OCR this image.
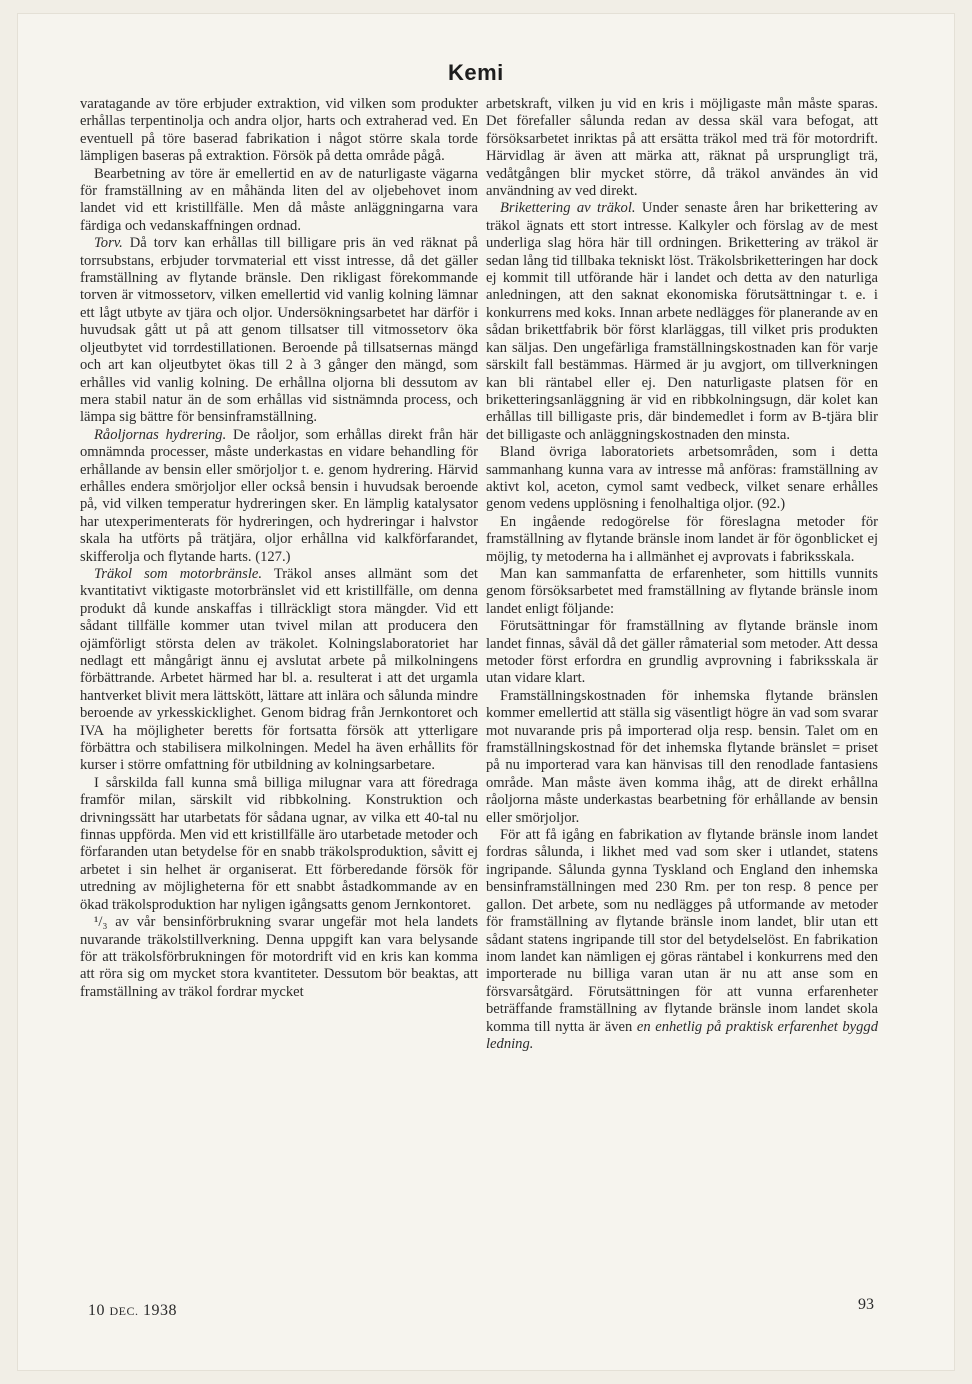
Kemi

varatagande av töre erbjuder extraktion, vid vilken som produkter erhållas terpentinolja och andra oljor, harts och extraherad ved. En eventuell på töre baserad fabrikation i något större skala torde lämpligen baseras på extraktion. Försök på detta område pågå.

Bearbetning av töre är emellertid en av de naturligaste vägarna för framställning av en måhända liten del av oljebehovet inom landet vid ett kristillfälle. Men då måste anläggningarna vara färdiga och vedanskaffningen ordnad.

Torv. Då torv kan erhållas till billigare pris än ved räknat på torrsubstans, erbjuder torvmaterial ett visst intresse, då det gäller framställning av flytande bränsle. Den rikligast förekommande torven är vitmossetorv, vilken emellertid vid vanlig kolning lämnar ett lågt utbyte av tjära och oljor. Undersökningsarbetet har därför i huvudsak gått ut på att genom tillsatser till vitmossetorv öka oljeutbytet vid torrdestillationen. Beroende på tillsatsernas mängd och art kan oljeutbytet ökas till 2 à 3 gånger den mängd, som erhålles vid vanlig kolning. De erhållna oljorna bli dessutom av mera stabil natur än de som erhållas vid sistnämnda process, och lämpa sig bättre för bensinframställning.

Råoljornas hydrering. De råoljor, som erhållas direkt från här omnämnda processer, måste underkastas en vidare behandling för erhållande av bensin eller smörjoljor t. e. genom hydrering. Härvid erhålles endera smörjoljor eller också bensin i huvudsak beroende på, vid vilken temperatur hydreringen sker. En lämplig katalysator har utexperimenterats för hydreringen, och hydreringar i halvstor skala ha utförts på trätjära, oljor erhållna vid kalkförfarandet, skifferolja och flytande harts. (127.)

Träkol som motorbränsle. Träkol anses allmänt som det kvantitativt viktigaste motorbränslet vid ett kristillfälle, om denna produkt då kunde anskaffas i tillräckligt stora mängder. Vid ett sådant tillfälle kommer utan tvivel milan att producera den ojämförligt största delen av träkolet. Kolningslaboratoriet har nedlagt ett mångårigt ännu ej avslutat arbete på milkolningens förbättrande. Arbetet härmed har bl. a. resulterat i att det urgamla hantverket blivit mera lättskött, lättare att inlära och sålunda mindre beroende av yrkesskicklighet. Genom bidrag från Jernkontoret och IVA ha möjligheter beretts för fortsatta försök att ytterligare förbättra och stabilisera milkolningen. Medel ha även erhållits för kurser i större omfattning för utbildning av kolningsarbetare.

I sårskilda fall kunna små billiga milugnar vara att föredraga framför milan, särskilt vid ribbkolning. Konstruktion och drivningssätt har utarbetats för sådana ugnar, av vilka ett 40-tal nu finnas uppförda. Men vid ett kristillfälle äro utarbetade metoder och förfaranden utan betydelse för en snabb träkolsproduktion, såvitt ej arbetet i sin helhet är organiserat. Ett förberedande försök för utredning av möjligheterna för ett snabbt åstadkommande av en ökad träkolsproduktion har nyligen igångsatts genom Jernkontoret.

¹/₃ av vår bensinförbrukning svarar ungefär mot hela landets nuvarande träkolstillverkning. Denna uppgift kan vara belysande för att träkolsförbrukningen för motordrift vid en kris kan komma att röra sig om mycket stora kvantiteter. Dessutom bör beaktas, att framställning av träkol fordrar mycket

arbetskraft, vilken ju vid en kris i möjligaste mån måste sparas. Det förefaller sålunda redan av dessa skäl vara befogat, att försöksarbetet inriktas på att ersätta träkol med trä för motordrift. Härvidlag är även att märka att, räknat på ursprungligt trä, vedåtgången blir mycket större, då träkol användes än vid användning av ved direkt.

Brikettering av träkol. Under senaste åren har brikettering av träkol ägnats ett stort intresse. Kalkyler och förslag av de mest underliga slag höra här till ordningen. Brikettering av träkol är sedan lång tid tillbaka tekniskt löst. Träkolsbriketteringen har dock ej kommit till utförande här i landet och detta av den naturliga anledningen, att den saknat ekonomiska förutsättningar t. e. i konkurrens med koks. Innan arbete nedlägges för planerande av en sådan brikettfabrik bör först klarläggas, till vilket pris produkten kan säljas. Den ungefärliga framställningskostnaden kan för varje särskilt fall bestämmas. Härmed är ju avgjort, om tillverkningen kan bli räntabel eller ej. Den naturligaste platsen för en briketteringsanläggning är vid en ribbkolningsugn, där kolet kan erhållas till billigaste pris, där bindemedlet i form av B-tjära blir det billigaste och anläggningskostnaden den minsta.

Bland övriga laboratoriets arbetsområden, som i detta sammanhang kunna vara av intresse må anföras: framställning av aktivt kol, aceton, cymol samt vedbeck, vilket senare erhålles genom vedens upplösning i fenolhaltiga oljor. (92.)

En ingående redogörelse för föreslagna metoder för framställning av flytande bränsle inom landet är för ögonblicket ej möjlig, ty metoderna ha i allmänhet ej avprovats i fabriksskala.

Man kan sammanfatta de erfarenheter, som hittills vunnits genom försöksarbetet med framställning av flytande bränsle inom landet enligt följande:

Förutsättningar för framställning av flytande bränsle inom landet finnas, såväl då det gäller råmaterial som metoder. Att dessa metoder först erfordra en grundlig avprovning i fabriksskala är utan vidare klart.

Framställningskostnaden för inhemska flytande bränslen kommer emellertid att ställa sig väsentligt högre än vad som svarar mot nuvarande pris på importerad olja resp. bensin. Talet om en framställningskostnad för det inhemska flytande bränslet = priset på nu importerad vara kan hänvisas till den renodlade fantasiens område. Man måste även komma ihåg, att de direkt erhållna råoljorna måste underkastas bearbetning för erhållande av bensin eller smörjoljor.

För att få igång en fabrikation av flytande bränsle inom landet fordras sålunda, i likhet med vad som sker i utlandet, statens ingripande. Sålunda gynna Tyskland och England den inhemska bensinframställningen med 230 Rm. per ton resp. 8 pence per gallon. Det arbete, som nu nedlägges på utformande av metoder för framställning av flytande bränsle inom landet, blir utan ett sådant statens ingripande till stor del betydelselöst. En fabrikation inom landet kan nämligen ej göras räntabel i konkurrens med den importerade nu billiga varan utan är nu att anse som en försvarsåtgärd. Förutsättningen för att vunna erfarenheter beträffande framställning av flytande bränsle inom landet skola komma till nytta är även en enhetlig på praktisk erfarenhet byggd ledning.

10 DEC. 1938	93
